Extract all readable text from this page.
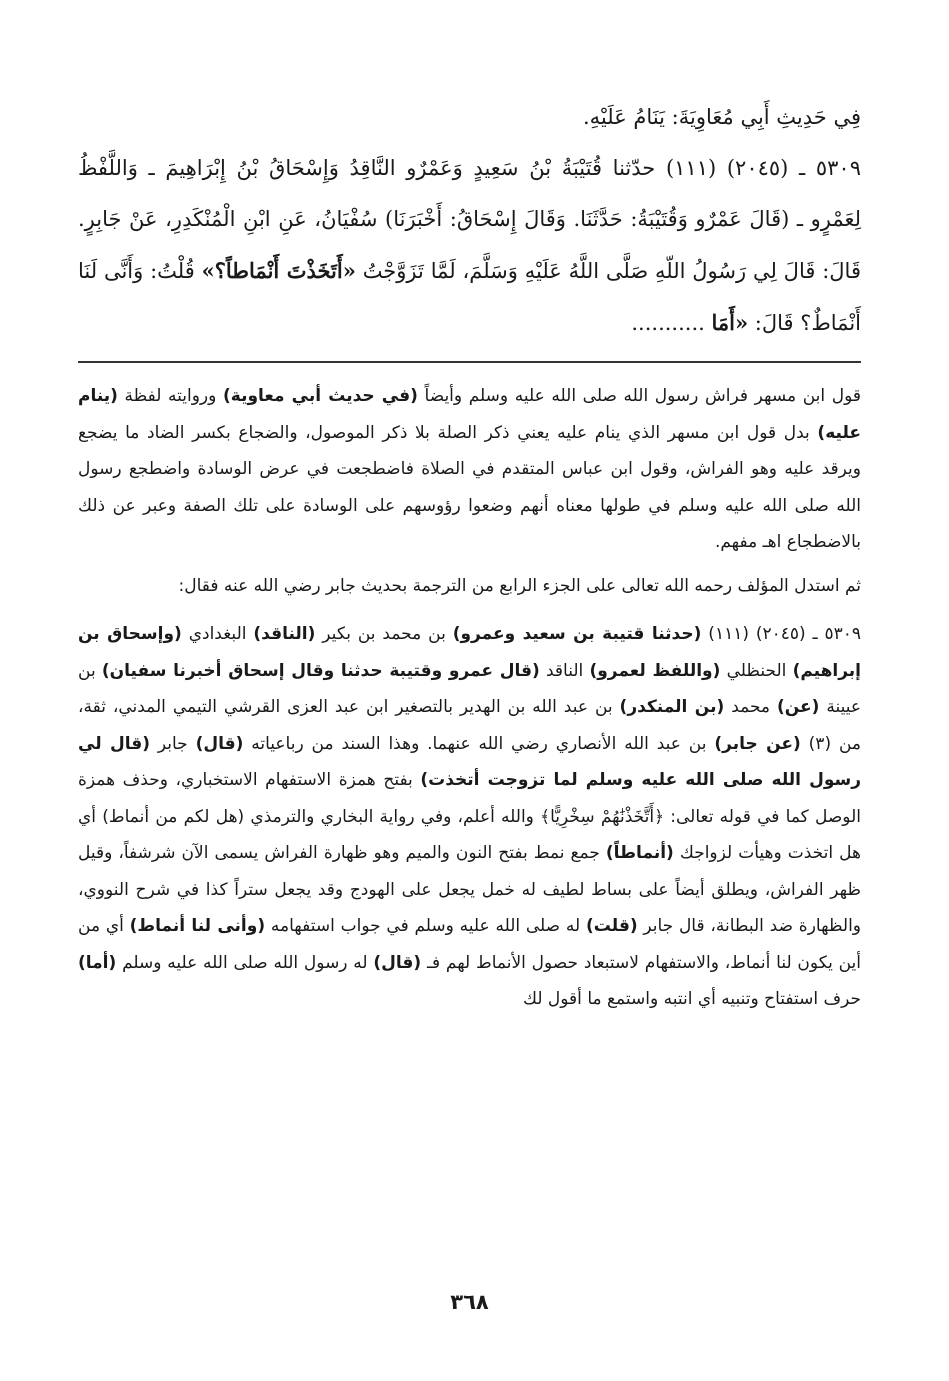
فِي حَدِيثِ أَبِي مُعَاوِيَةَ: يَنَامُ عَلَيْهِ.

٥٣٠٩ ـ (٢٠٤٥) (١١١) حدّثنا قُتَيْبَةُ بْنُ سَعِيدٍ وَعَمْرٌو النَّاقِدُ وَإِسْحَاقُ بْنُ إِبْرَاهِيمَ ـ وَاللَّفْظُ لِعَمْرٍو ـ (قَالَ عَمْرٌو وَقُتَيْبَةُ: حَدَّثَنَا. وَقَالَ إِسْحَاقُ: أَخْبَرَنَا) سُفْيَانُ، عَنِ ابْنِ الْمُنْكَدِرِ، عَنْ جَابِرٍ. قَالَ: قَالَ لِي رَسُولُ اللّهِ صَلَّى اللَّهُ عَلَيْهِ وَسَلَّمَ، لَمَّا تَزَوَّجْتُ «أَتَخَذْتَ أَنْمَاطاً؟» قُلْتُ: وَأَنَّى لَنَا أَنْمَاطٌ؟ قَالَ: «أَمَا ...........

قول ابن مسهر فراش رسول الله صلى الله عليه وسلم وأيضاً (في حديث أبي معاوية) وروايته لفظة (ينام عليه) بدل قول ابن مسهر الذي ينام عليه يعني ذكر الصلة بلا ذكر الموصول، والضجاع بكسر الضاد ما يضجع ويرقد عليه وهو الفراش، وقول ابن عباس المتقدم في الصلاة فاضطجعت في عرض الوسادة واضطجع رسول الله صلى الله عليه وسلم في طولها معناه أنهم وضعوا رؤوسهم على الوسادة على تلك الصفة وعبر عن ذلك بالاضطجاع اهـ مفهم.

ثم استدل المؤلف رحمه الله تعالى على الجزء الرابع من الترجمة بحديث جابر رضي الله عنه فقال:

٥٣٠٩ ـ (٢٠٤٥) (١١١) (حدثنا قتيبة بن سعيد وعمرو) بن محمد بن بكير (الناقد) البغدادي (وإسحاق بن إبراهيم) الحنظلي (واللفظ لعمرو) الناقد (قال عمرو وقتيبة حدثنا وقال إسحاق أخبرنا سفيان) بن عيينة (عن) محمد (بن المنكدر) بن عبد الله بن الهدير بالتصغير ابن عبد العزى القرشي التيمي المدني، ثقة، من (٣) (عن جابر) بن عبد الله الأنصاري رضي الله عنهما. وهذا السند من رباعياته (قال) جابر (قال لي رسول الله صلى الله عليه وسلم لما تزوجت أتخذت) بفتح همزة الاستفهام الاستخباري، وحذف همزة الوصل كما في قوله تعالى: ﴿أَتَّخَذْنَٰهُمْ سِخْرِيًّا﴾ والله أعلم، وفي رواية البخاري والترمذي (هل لكم من أنماط) أي هل اتخذت وهيأت لزواجك (أنماطاً) جمع نمط بفتح النون والميم وهو ظهارة الفراش يسمى الآن شرشفاً، وقيل ظهر الفراش، ويطلق أيضاً على بساط لطيف له خمل يجعل على الهودج وقد يجعل ستراً كذا في شرح النووي، والظهارة ضد البطانة، قال جابر (قلت) له صلى الله عليه وسلم في جواب استفهامه (وأنى لنا أنماط) أي من أين يكون لنا أنماط، والاستفهام لاستبعاد حصول الأنماط لهم فـ (قال) له رسول الله صلى الله عليه وسلم (أما) حرف استفتاح وتنبيه أي انتبه واستمع ما أقول لك

٣٦٨
